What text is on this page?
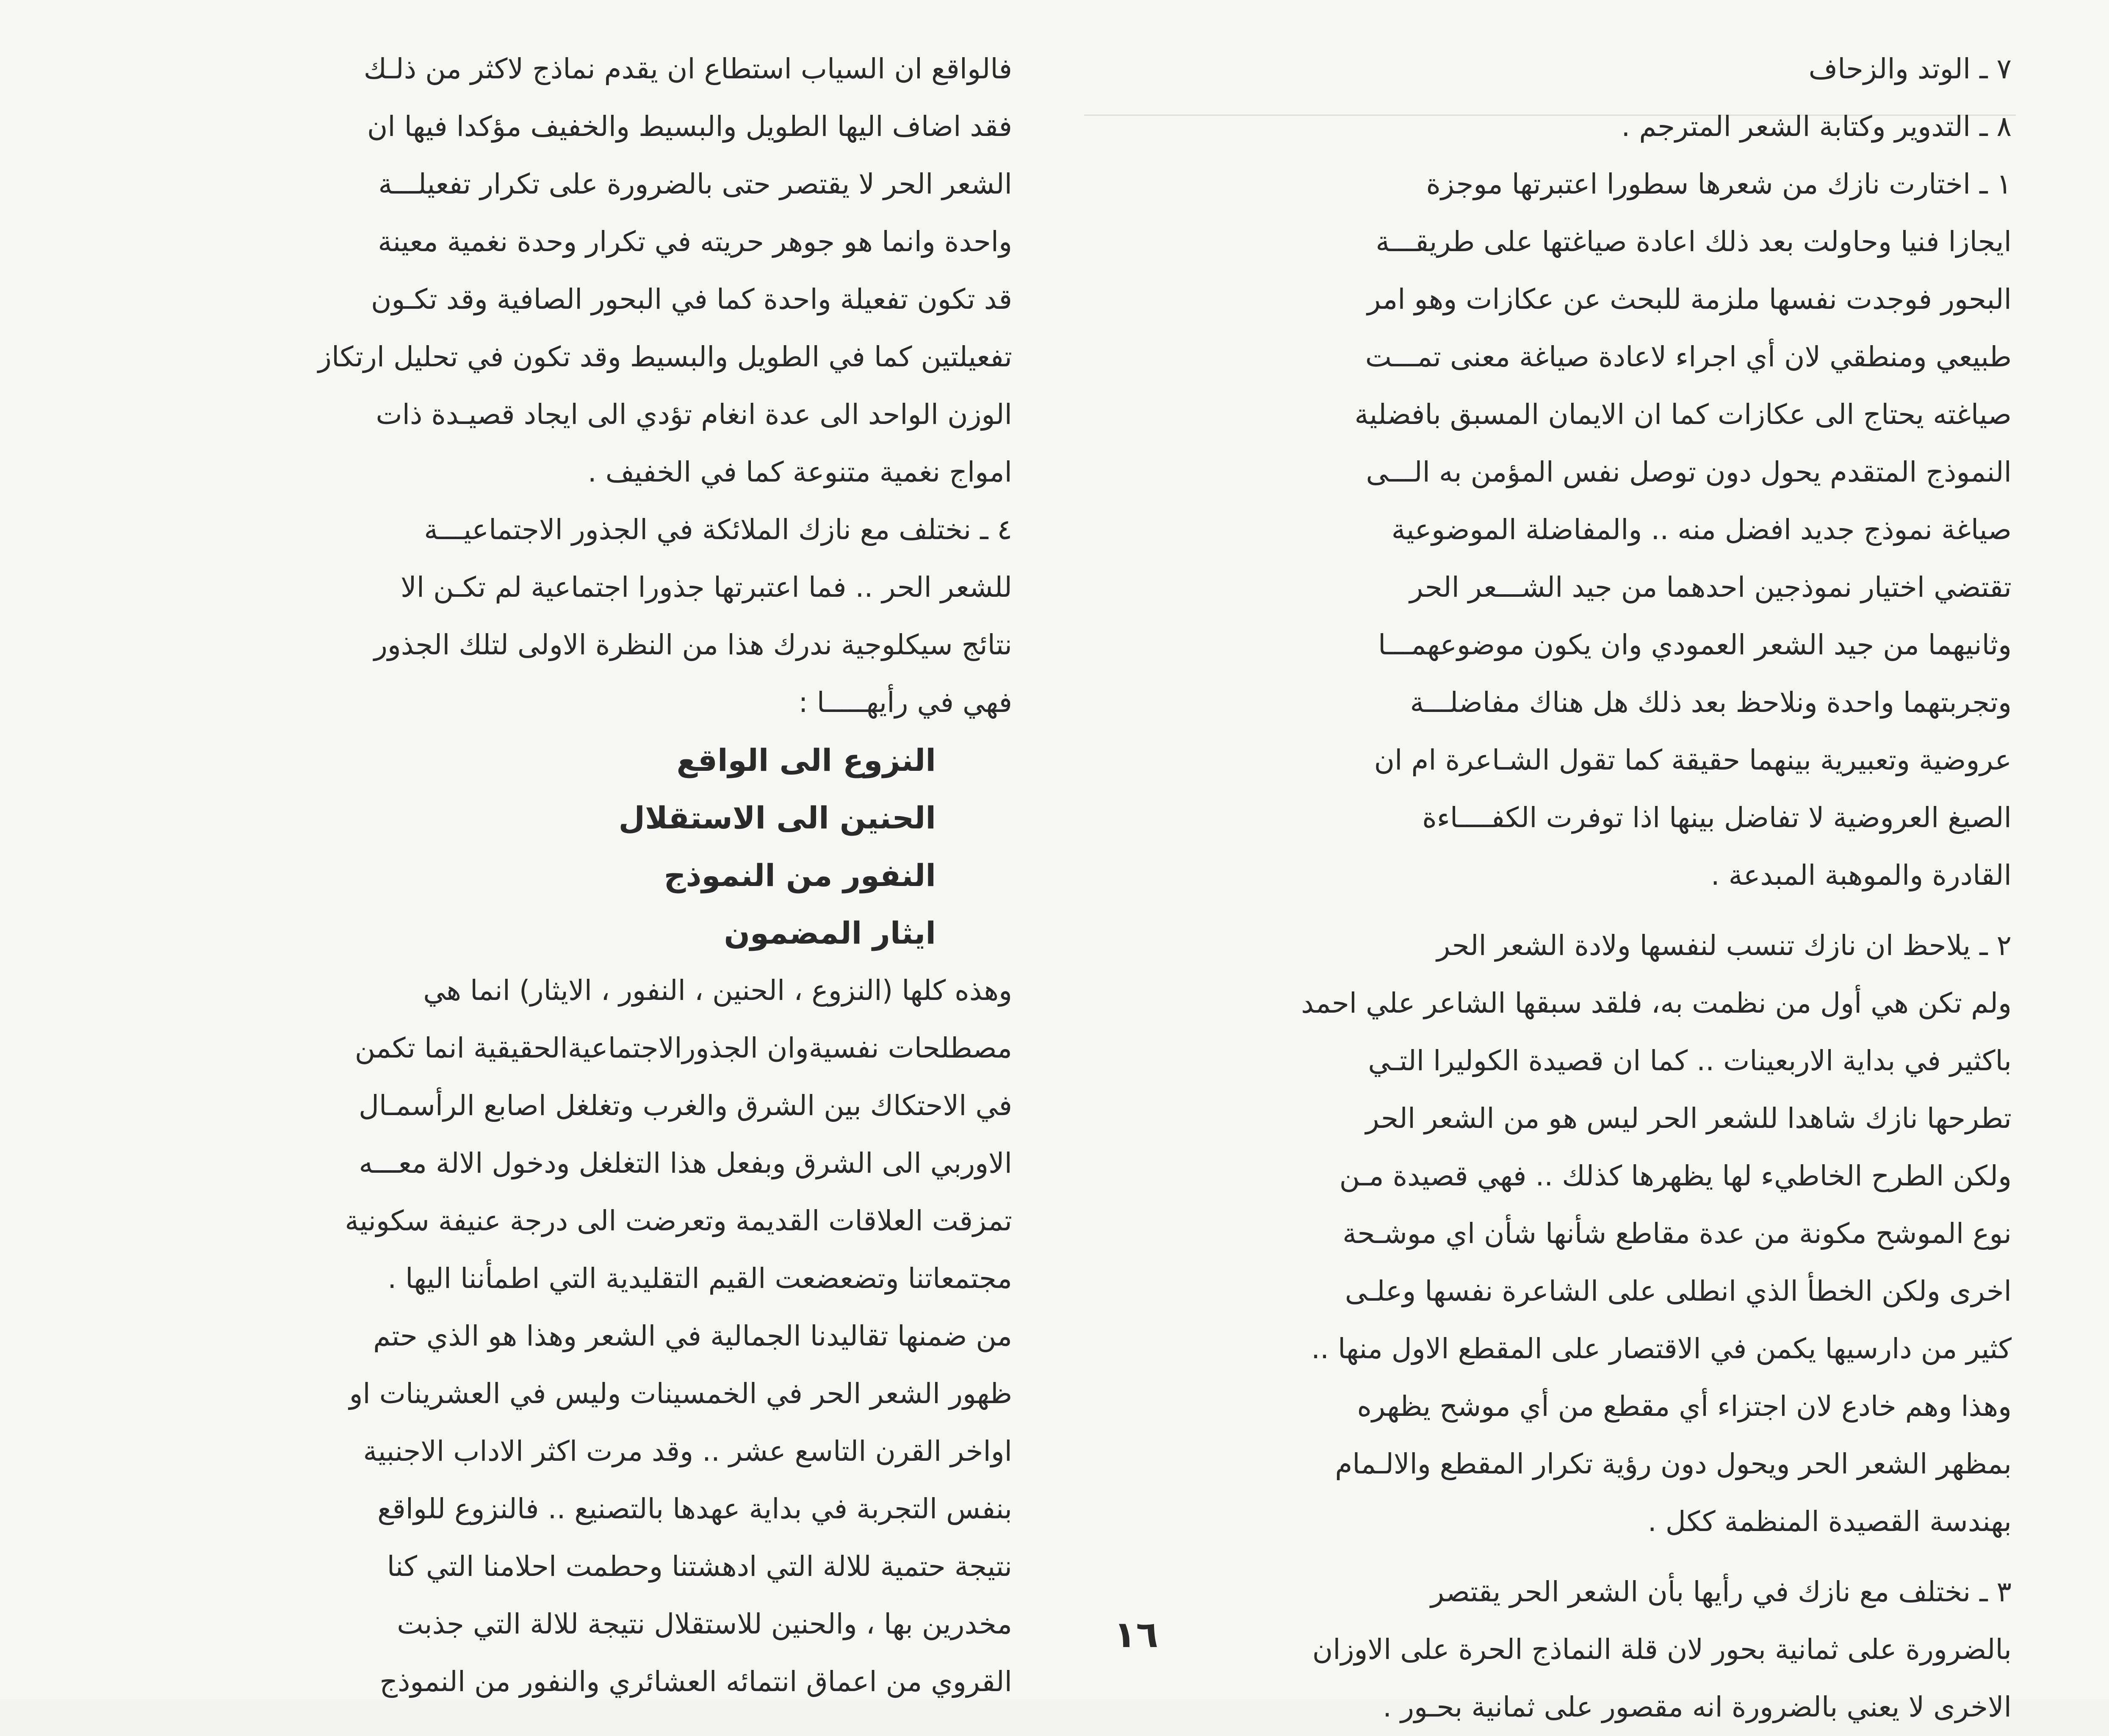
٧ ـ الوتد والزحاف
٨ ـ التدوير وكتابة الشعر المترجم .
١ ـ اختارت نازك من شعرها سطورا اعتبرتها موجزة
ايجازا فنيا وحاولت بعد ذلك اعادة صياغتها على طريقـــة
البحور فوجدت نفسها ملزمة للبحث عن عكازات وهو امر
طبيعي ومنطقي لان أي اجراء لاعادة صياغة معنى تمـــت
صياغته يحتاج الى عكازات كما ان الايمان المسبق بافضلية
النموذج المتقدم يحول دون توصل نفس المؤمن به الـــى
صياغة نموذج جديد افضل منه .. والمفاضلة الموضوعية
تقتضي اختيار نموذجين احدهما من جيد الشـــعر الحر
وثانيهما من جيد الشعر العمودي وان يكون موضوعهمـــا
وتجربتهما واحدة ونلاحظ بعد ذلك هل هناك مفاضلـــة
عروضية وتعبيرية بينهما حقيقة كما تقول الشـاعرة ام ان
الصيغ العروضية لا تفاضل بينها اذا توفرت الكفــــاءة
القادرة والموهبة المبدعة .
٢ ـ يلاحظ ان نازك تنسب لنفسها ولادة الشعر الحر
ولم تكن هي أول من نظمت به، فلقد سبقها الشاعر علي احمد
باكثير في بداية الاربعينات .. كما ان قصيدة الكوليرا التـي
تطرحها نازك شاهدا للشعر الحر ليس هو من الشعر الحر
ولكن الطرح الخاطيء لها يظهرها كذلك .. فهي قصيدة مـن
نوع الموشح مكونة من عدة مقاطع شأنها شأن اي موشـحة
اخرى ولكن الخطأ الذي انطلى على الشاعرة نفسها وعلـى
كثير من دارسيها يكمن في الاقتصار على المقطع الاول منها ..
وهذا وهم خادع لان اجتزاء أي مقطع من أي موشح يظهره
بمظهر الشعر الحر ويحول دون رؤية تكرار المقطع والالـمام
بهندسة القصيدة المنظمة ككل .
٣ ـ نختلف مع نازك في رأيها بأن الشعر الحر يقتصر
بالضرورة على ثمانية بحور لان قلة النماذج الحرة على الاوزان
الاخرى لا يعني بالضرورة انه مقصور على ثمانية بحـور .
فالواقع ان السياب استطاع ان يقدم نماذج لاكثر من ذلـك
فقد اضاف اليها الطويل والبسيط والخفيف مؤكدا فيها ان
الشعر الحر لا يقتصر حتى بالضرورة على تكرار تفعيلـــة
واحدة وانما هو جوهر حريته في تكرار وحدة نغمية معينة
قد تكون تفعيلة واحدة كما في البحور الصافية وقد تكـون
تفعيلتين كما في الطويل والبسيط وقد تكون في تحليل ارتكاز
الوزن الواحد الى عدة انغام تؤدي الى ايجاد قصيـدة ذات
امواج نغمية متنوعة كما في الخفيف .
٤ ـ نختلف مع نازك الملائكة في الجذور الاجتماعيـــة
للشعر الحر .. فما اعتبرتها جذورا اجتماعية لم تكـن الا
نتائج سيكلوجية ندرك هذا من النظرة الاولى لتلك الجذور
فهي في رأيهـــــا :
النزوع الى الواقع
الحنين الى الاستقلال
النفور من النموذج
ايثار المضمون
وهذه كلها (النزوع ، الحنين ، النفور ، الايثار) انما هي
مصطلحات نفسيةوان الجذورالاجتماعيةالحقيقية انما تكمن
في الاحتكاك بين الشرق والغرب وتغلغل اصابع الرأسمـال
الاوربي الى الشرق وبفعل هذا التغلغل ودخول الالة معـــه
تمزقت العلاقات القديمة وتعرضت الى درجة عنيفة سكونية
مجتمعاتنا وتضعضعت القيم التقليدية التي اطمأننا اليها .
من ضمنها تقاليدنا الجمالية في الشعر وهذا هو الذي حتم
ظهور الشعر الحر في الخمسينات وليس في العشرينات او
اواخر القرن التاسع عشر .. وقد مرت اكثر الاداب الاجنبية
بنفس التجربة في بداية عهدها بالتصنيع .. فالنزوع للواقع
نتيجة حتمية للالة التي ادهشتنا وحطمت احلامنا التي كنا
مخدرين بها ، والحنين للاستقلال نتيجة للالة التي جذبت
القروي من اعماق انتمائه العشائري والنفور من النموذج
١٦
